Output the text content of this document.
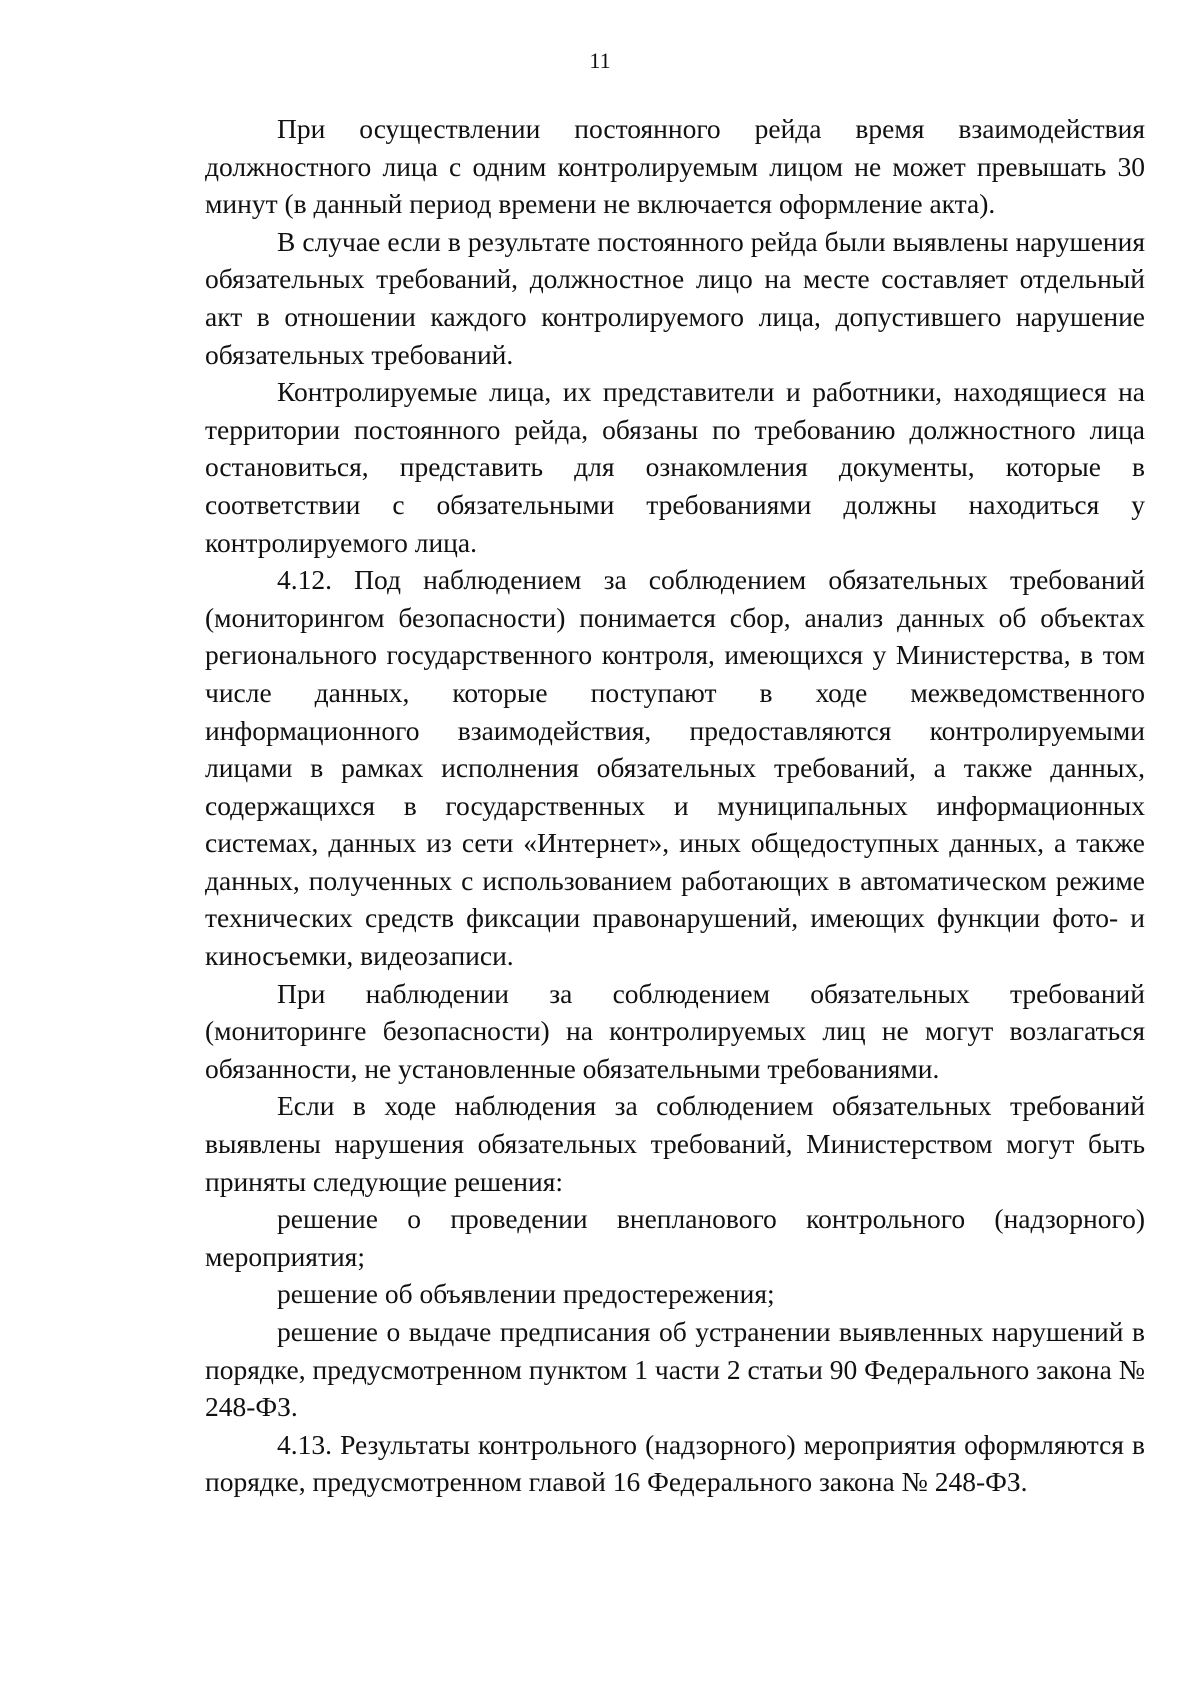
11

При осуществлении постоянного рейда время взаимодействия должностного лица с одним контролируемым лицом не может превышать 30 минут (в данный период времени не включается оформление акта).

В случае если в результате постоянного рейда были выявлены нарушения обязательных требований, должностное лицо на месте составляет отдельный акт в отношении каждого контролируемого лица, допустившего нарушение обязательных требований.

Контролируемые лица, их представители и работники, находящиеся на территории постоянного рейда, обязаны по требованию должностного лица остановиться, представить для ознакомления документы, которые в соответствии с обязательными требованиями должны находиться у контролируемого лица.

4.12. Под наблюдением за соблюдением обязательных требований (мониторингом безопасности) понимается сбор, анализ данных об объектах регионального государственного контроля, имеющихся у Министерства, в том числе данных, которые поступают в ходе межведомственного информационного взаимодействия, предоставляются контролируемыми лицами в рамках исполнения обязательных требований, а также данных, содержащихся в государственных и муниципальных информационных системах, данных из сети «Интернет», иных общедоступных данных, а также данных, полученных с использованием работающих в автоматическом режиме технических средств фиксации правонарушений, имеющих функции фото- и киносъемки, видеозаписи.

При наблюдении за соблюдением обязательных требований (мониторинге безопасности) на контролируемых лиц не могут возлагаться обязанности, не установленные обязательными требованиями.

Если в ходе наблюдения за соблюдением обязательных требований выявлены нарушения обязательных требований, Министерством могут быть приняты следующие решения:

решение о проведении внепланового контрольного (надзорного) мероприятия;

решение об объявлении предостережения;

решение о выдаче предписания об устранении выявленных нарушений в порядке, предусмотренном пунктом 1 части 2 статьи 90 Федерального закона № 248-ФЗ.

4.13. Результаты контрольного (надзорного) мероприятия оформляются в порядке, предусмотренном главой 16 Федерального закона № 248-ФЗ.
